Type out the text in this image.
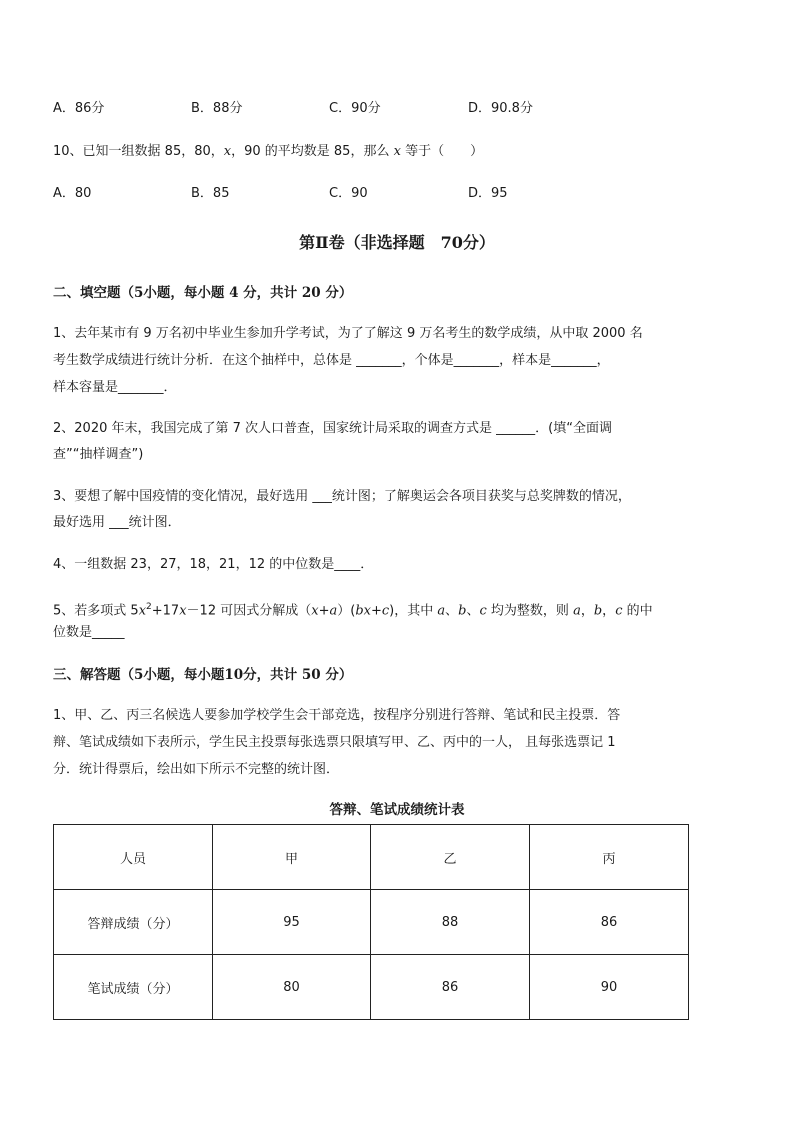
A．86分	B．88分	C．90分	D．90.8分
10、已知一组数据 85，80，x，90 的平均数是 85，那么 x 等于（　　）
A．80	B．85	C．90	D．95
第Ⅱ卷（非选择题　70分）
二、填空题（5小题，每小题 4 分，共计 20 分）
1、去年某市有 9 万名初中毕业生参加升学考试，为了了解这 9 万名考生的数学成绩，从中取 2000 名
考生数学成绩进行统计分析．在这个抽样中，总体是 _______，个体是_______，样本是_______，
样本容量是_______．
2、2020 年末，我国完成了第 7 次人口普查，国家统计局采取的调查方式是 ______．(填“全面调
查”“抽样调查”)
3、要想了解中国疫情的变化情况，最好选用 ___统计图；了解奥运会各项目获奖与总奖牌数的情况，
最好选用 ___统计图．
4、一组数据 23，27，18，21，12 的中位数是____．
5、若多项式 $5x^2+17x-12$ 可因式分解成（x+a）(bx+c)，其中 a、b、c 均为整数，则 a，b，c 的中
位数是_____
三、解答题（5小题，每小题10分，共计 50 分）
1、甲、乙、丙三名候选人要参加学校学生会干部竞选，按程序分别进行答辩、笔试和民主投票．答
辩、笔试成绩如下表所示，学生民主投票每张选票只限填写甲、乙、丙中的一人， 且每张选票记 1
分．统计得票后，绘出如下所示不完整的统计图．
答辩、笔试成绩统计表
人员	甲	乙	丙
答辩成绩（分）	95	88	86
笔试成绩（分）	80	86	90
